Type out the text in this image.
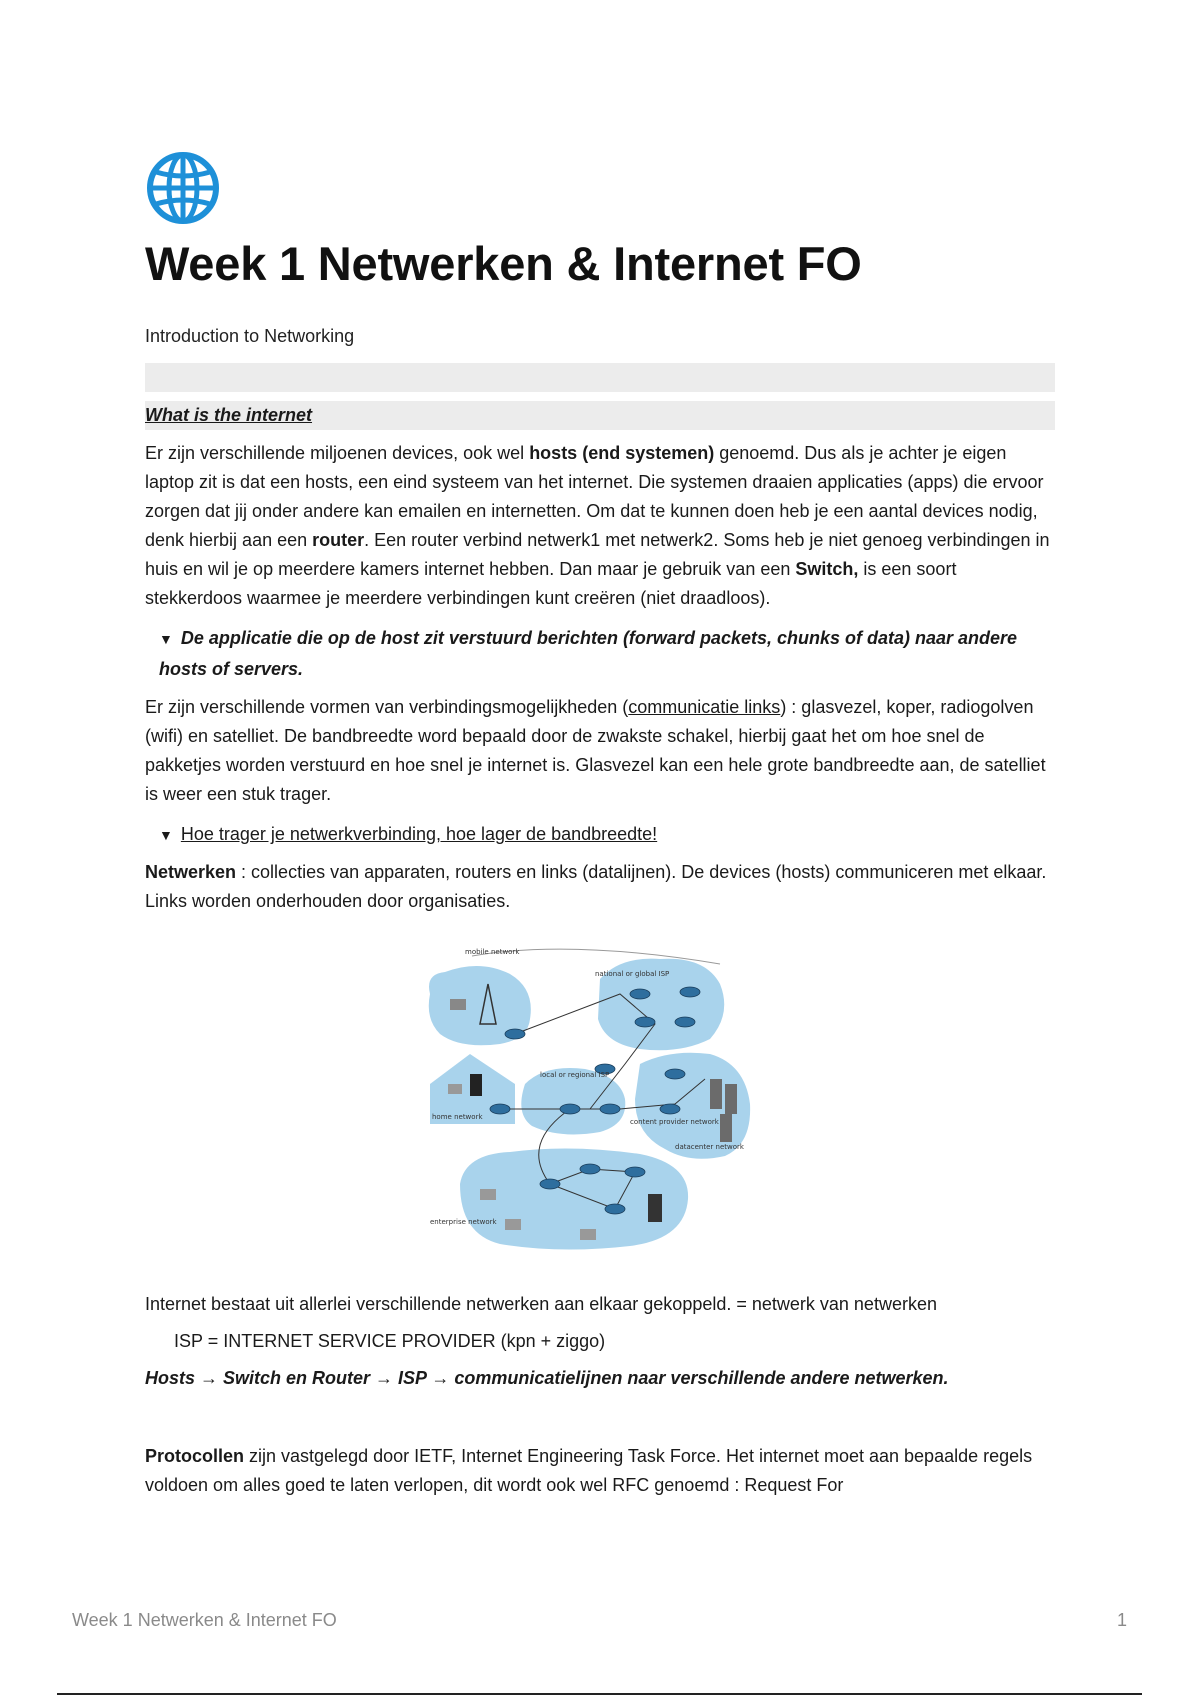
Week 1 Netwerken & Internet FO
Introduction to Networking
What is the internet

Er zijn verschillende miljoenen devices, ook wel hosts (end systemen) genoemd. Dus als je achter je eigen laptop zit is dat een hosts, een eind systeem van het internet. Die systemen draaien applicaties (apps) die ervoor zorgen dat jij onder andere kan emailen en internetten. Om dat te kunnen doen heb je een aantal devices nodig, denk hierbij aan een router. Een router verbind netwerk1 met netwerk2. Soms heb je niet genoeg verbindingen in huis en wil je op meerdere kamers internet hebben. Dan maar je gebruik van een Switch, is een soort stekkerdoos waarmee je meerdere verbindingen kunt creëren (niet draadloos).

▼ De applicatie die op de host zit verstuurd berichten (forward packets, chunks of data) naar andere hosts of servers.

Er zijn verschillende vormen van verbindingsmogelijkheden (communicatie links) : glasvezel, koper, radiogolven (wifi) en satelliet. De bandbreedte word bepaald door de zwakste schakel, hierbij gaat het om hoe snel de pakketjes worden verstuurd en hoe snel je internet is. Glasvezel kan een hele grote bandbreedte aan, de satelliet is weer een stuk trager.

▼ Hoe trager je netwerkverbinding, hoe lager de bandbreedte!

Netwerken : collecties van apparaten, routers en links (datalijnen). De devices (hosts) communiceren met elkaar. Links worden onderhouden door organisaties.

mobile network
national or global ISP
local or regional ISP
home network
content provider network
datacenter network
enterprise network

Internet bestaat uit allerlei verschillende netwerken aan elkaar gekoppeld. = netwerk van netwerken

ISP = INTERNET SERVICE PROVIDER (kpn + ziggo)

Hosts → Switch en Router → ISP → communicatielijnen naar verschillende andere netwerken.

Protocollen zijn vastgelegd door IETF, Internet Engineering Task Force. Het internet moet aan bepaalde regels voldoen om alles goed te laten verlopen, dit wordt ook wel RFC genoemd : Request For

Week 1 Netwerken & Internet FO	1
